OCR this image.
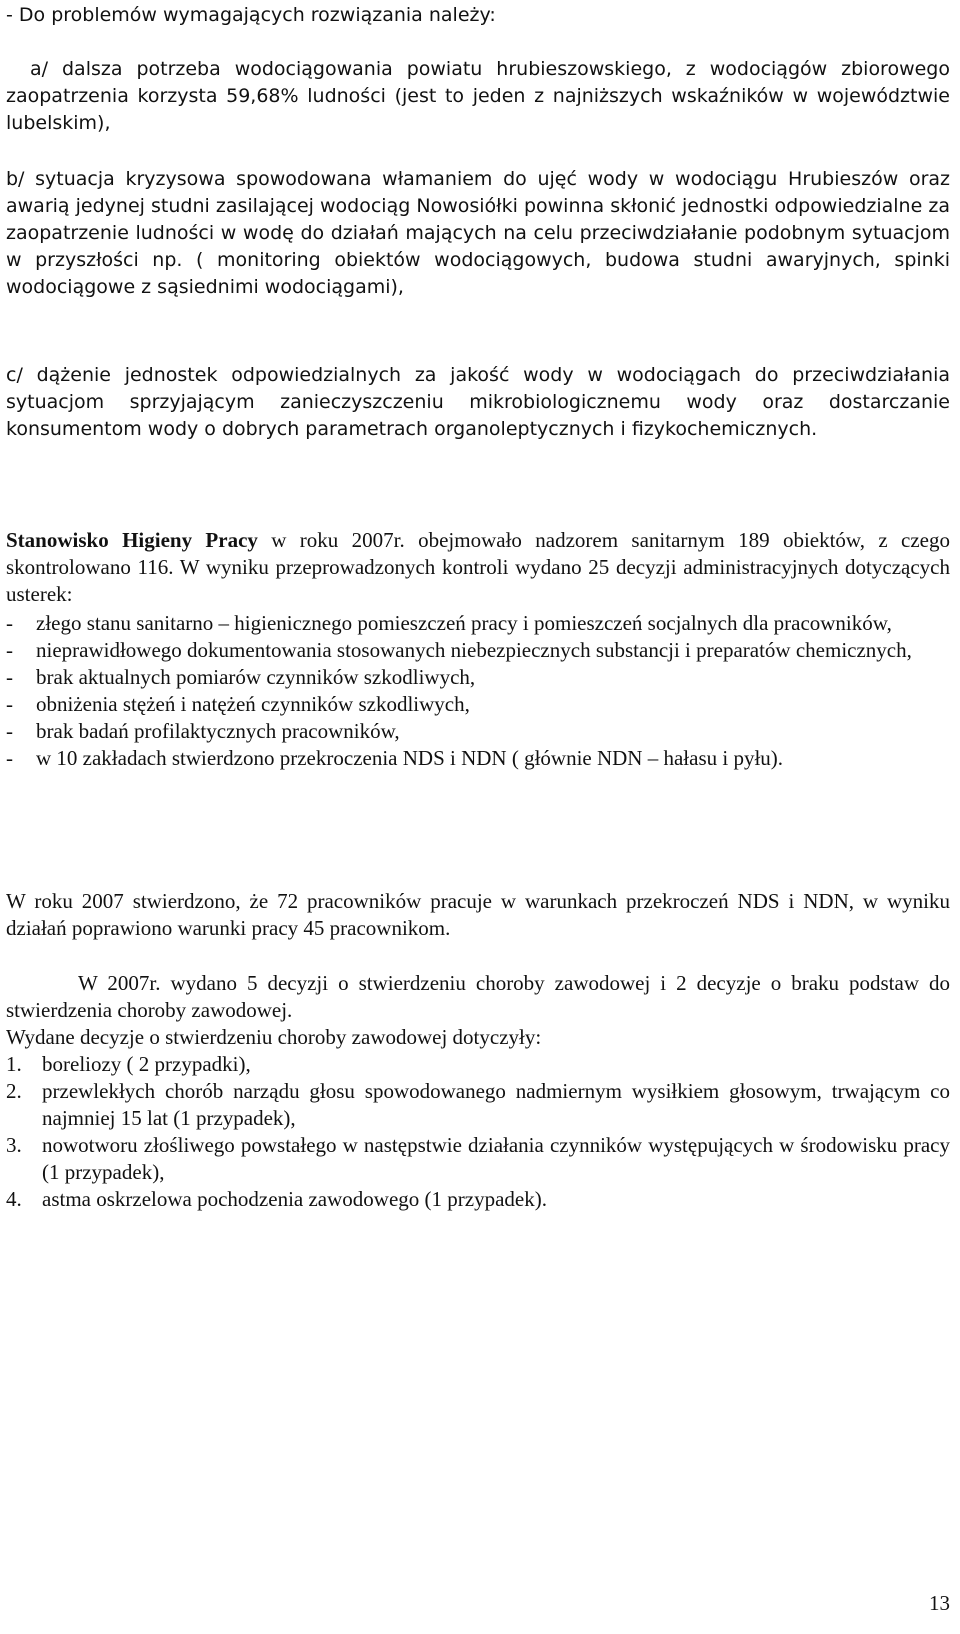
- Do problemów wymagających rozwiązania należy:

a/ dalsza potrzeba wodociągowania powiatu hrubieszowskiego, z wodociągów zbiorowego zaopatrzenia korzysta 59,68% ludności (jest to jeden z najniższych wskaźników w województwie lubelskim),

b/ sytuacja kryzysowa spowodowana włamaniem do ujęć wody w wodociągu Hrubieszów oraz awarią jedynej studni zasilającej wodociąg Nowosiółki powinna skłonić jednostki odpowiedzialne za zaopatrzenie ludności w wodę do działań mających na celu przeciwdziałanie podobnym sytuacjom w przyszłości np. ( monitoring obiektów wodociągowych, budowa studni awaryjnych, spinki wodociągowe z sąsiednimi wodociągami),

c/ dążenie jednostek odpowiedzialnych za jakość wody w wodociągach do przeciwdziałania sytuacjom sprzyjającym zanieczyszczeniu mikrobiologicznemu wody oraz dostarczanie konsumentom wody o dobrych parametrach organoleptycznych i fizykochemicznych.

Stanowisko Higieny Pracy w roku 2007r. obejmowało nadzorem sanitarnym 189 obiektów, z czego skontrolowano 116. W wyniku przeprowadzonych kontroli wydano 25 decyzji administracyjnych dotyczących usterek:

-	złego stanu sanitarno – higienicznego pomieszczeń pracy i pomieszczeń socjalnych dla pracowników,
-	nieprawidłowego dokumentowania stosowanych niebezpiecznych substancji i preparatów chemicznych,
-	brak aktualnych pomiarów czynników szkodliwych,
-	obniżenia stężeń i natężeń czynników szkodliwych,
-	brak badań profilaktycznych pracowników,
-	w 10 zakładach stwierdzono przekroczenia NDS i NDN ( głównie NDN – hałasu i pyłu).

W roku 2007 stwierdzono, że 72 pracowników pracuje w warunkach przekroczeń NDS i NDN, w wyniku działań poprawiono warunki pracy 45 pracownikom.

W 2007r. wydano 5 decyzji o stwierdzeniu choroby zawodowej i 2 decyzje o braku podstaw do stwierdzenia choroby zawodowej.

Wydane decyzje o stwierdzeniu choroby zawodowej dotyczyły:

1. boreliozy ( 2 przypadki),
2. przewlekłych chorób narządu głosu spowodowanego nadmiernym wysiłkiem głosowym, trwającym co najmniej 15 lat (1 przypadek),
3. nowotworu złośliwego powstałego w następstwie działania czynników występujących w środowisku pracy (1 przypadek),
4. astma oskrzelowa pochodzenia zawodowego (1 przypadek).
13
